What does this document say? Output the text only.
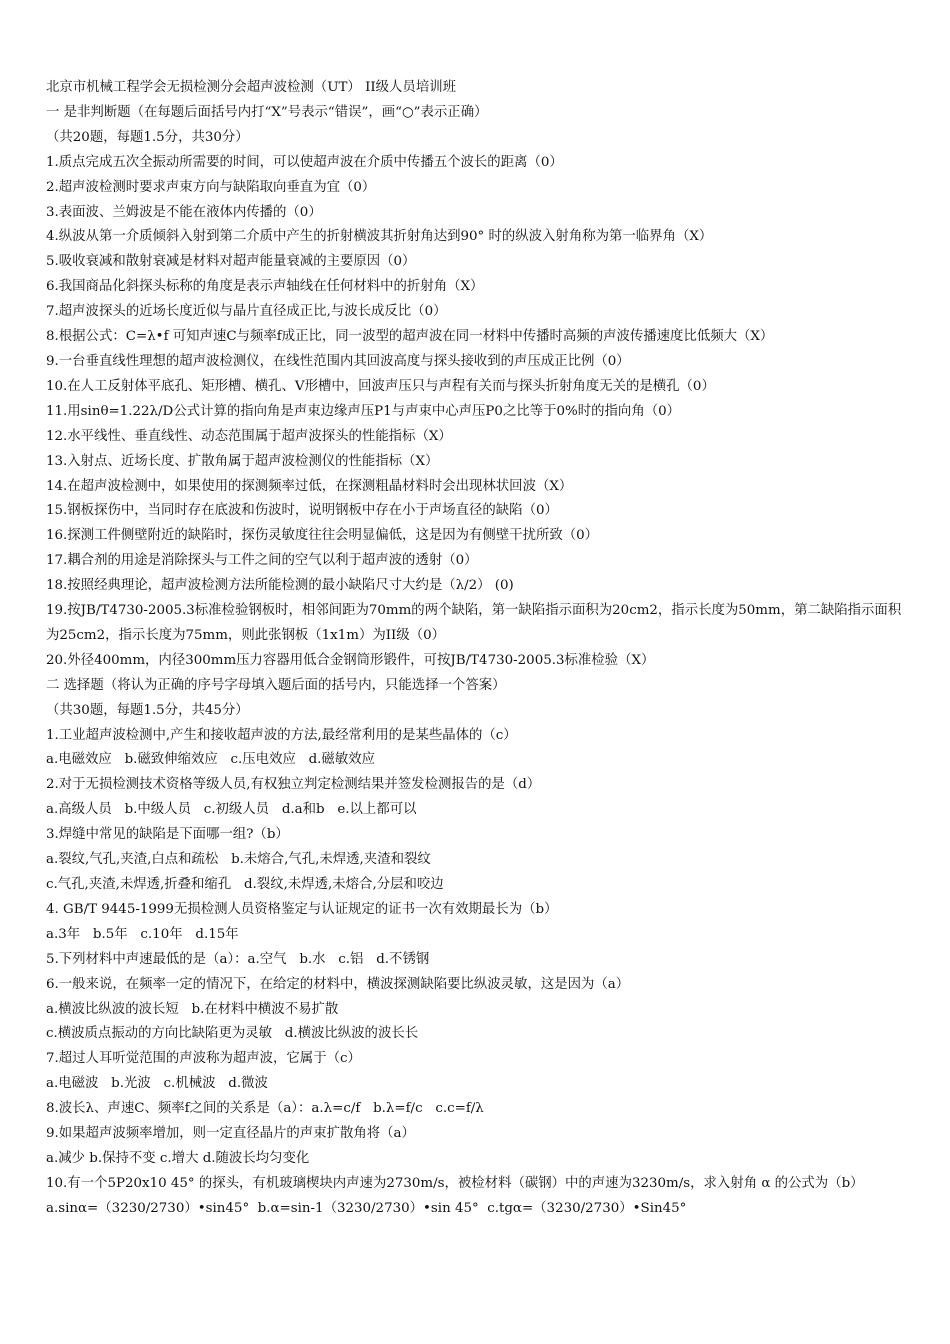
北京市机械工程学会无损检测分会超声波检测（UT） II级人员培训班
一 是非判断题（在每题后面括号内打“X”号表示“错误”，画“○”表示正确）
（共20题，每题1.5分，共30分）
1.质点完成五次全振动所需要的时间，可以使超声波在介质中传播五个波长的距离（0）
2.超声波检测时要求声束方向与缺陷取向垂直为宜（0）
3.表面波、兰姆波是不能在液体内传播的（0）
4.纵波从第一介质倾斜入射到第二介质中产生的折射横波其折射角达到90° 时的纵波入射角称为第一临界角（X）
5.吸收衰减和散射衰减是材料对超声能量衰减的主要原因（0）
6.我国商品化斜探头标称的角度是表示声轴线在任何材料中的折射角（X）
7.超声波探头的近场长度近似与晶片直径成正比,与波长成反比（0）
8.根据公式：C=λ•f 可知声速C与频率f成正比，同一波型的超声波在同一材料中传播时高频的声波传播速度比低频大（X）
9.一台垂直线性理想的超声波检测仪，在线性范围内其回波高度与探头接收到的声压成正比例（0）
10.在人工反射体平底孔、矩形槽、横孔、V形槽中，回波声压只与声程有关而与探头折射角度无关的是横孔（0）
11.用sinθ=1.22λ/D公式计算的指向角是声束边缘声压P1与声束中心声压P0之比等于0%时的指向角（0）
12.水平线性、垂直线性、动态范围属于超声波探头的性能指标（X）
13.入射点、近场长度、扩散角属于超声波检测仪的性能指标（X）
14.在超声波检测中，如果使用的探测频率过低，在探测粗晶材料时会出现林状回波（X）
15.钢板探伤中，当同时存在底波和伤波时，说明钢板中存在小于声场直径的缺陷（0）
16.探测工件侧壁附近的缺陷时，探伤灵敏度往往会明显偏低，这是因为有侧壁干扰所致（0）
17.耦合剂的用途是消除探头与工件之间的空气以利于超声波的透射（0）
18.按照经典理论，超声波检测方法所能检测的最小缺陷尺寸大约是（λ/2） (0)
19.按JB/T4730-2005.3标准检验钢板时，相邻间距为70mm的两个缺陷，第一缺陷指示面积为20cm2，指示长度为50mm，第二缺陷指示面积为25cm2，指示长度为75mm，则此张钢板（1x1m）为II级（0）
20.外径400mm，内径300mm压力容器用低合金钢筒形锻件，可按JB/T4730-2005.3标准检验（X）
二 选择题（将认为正确的序号字母填入题后面的括号内，只能选择一个答案）
（共30题，每题1.5分，共45分）
1.工业超声波检测中,产生和接收超声波的方法,最经常利用的是某些晶体的（c）
a.电磁效应   b.磁致伸缩效应   c.压电效应   d.磁敏效应
2.对于无损检测技术资格等级人员,有权独立判定检测结果并签发检测报告的是（d）
a.高级人员   b.中级人员   c.初级人员   d.a和b   e.以上都可以
3.焊缝中常见的缺陷是下面哪一组?（b）
a.裂纹,气孔,夹渣,白点和疏松   b.未熔合,气孔,未焊透,夹渣和裂纹
c.气孔,夹渣,未焊透,折叠和缩孔   d.裂纹,未焊透,未熔合,分层和咬边
4. GB/T 9445-1999无损检测人员资格鉴定与认证规定的证书一次有效期最长为（b）
a.3年   b.5年   c.10年   d.15年
5.下列材料中声速最低的是（a）：a.空气   b.水   c.铝   d.不锈钢
6.一般来说，在频率一定的情况下，在给定的材料中，横波探测缺陷要比纵波灵敏，这是因为（a）
a.横波比纵波的波长短   b.在材料中横波不易扩散
c.横波质点振动的方向比缺陷更为灵敏   d.横波比纵波的波长长
7.超过人耳听觉范围的声波称为超声波，它属于（c）
a.电磁波   b.光波   c.机械波   d.微波
8.波长λ、声速C、频率f之间的关系是（a）：a.λ=c/f   b.λ=f/c   c.c=f/λ
9.如果超声波频率增加，则一定直径晶片的声束扩散角将（a）
a.减少 b.保持不变 c.增大 d.随波长均匀变化
10.有一个5P20x10 45° 的探头，有机玻璃楔块内声速为2730m/s，被检材料（碳钢）中的声速为3230m/s，求入射角 α 的公式为（b）
a.sinα=（3230/2730）•sin45°  b.α=sin-1（3230/2730）•sin 45°  c.tgα=（3230/2730）•Sin45°
